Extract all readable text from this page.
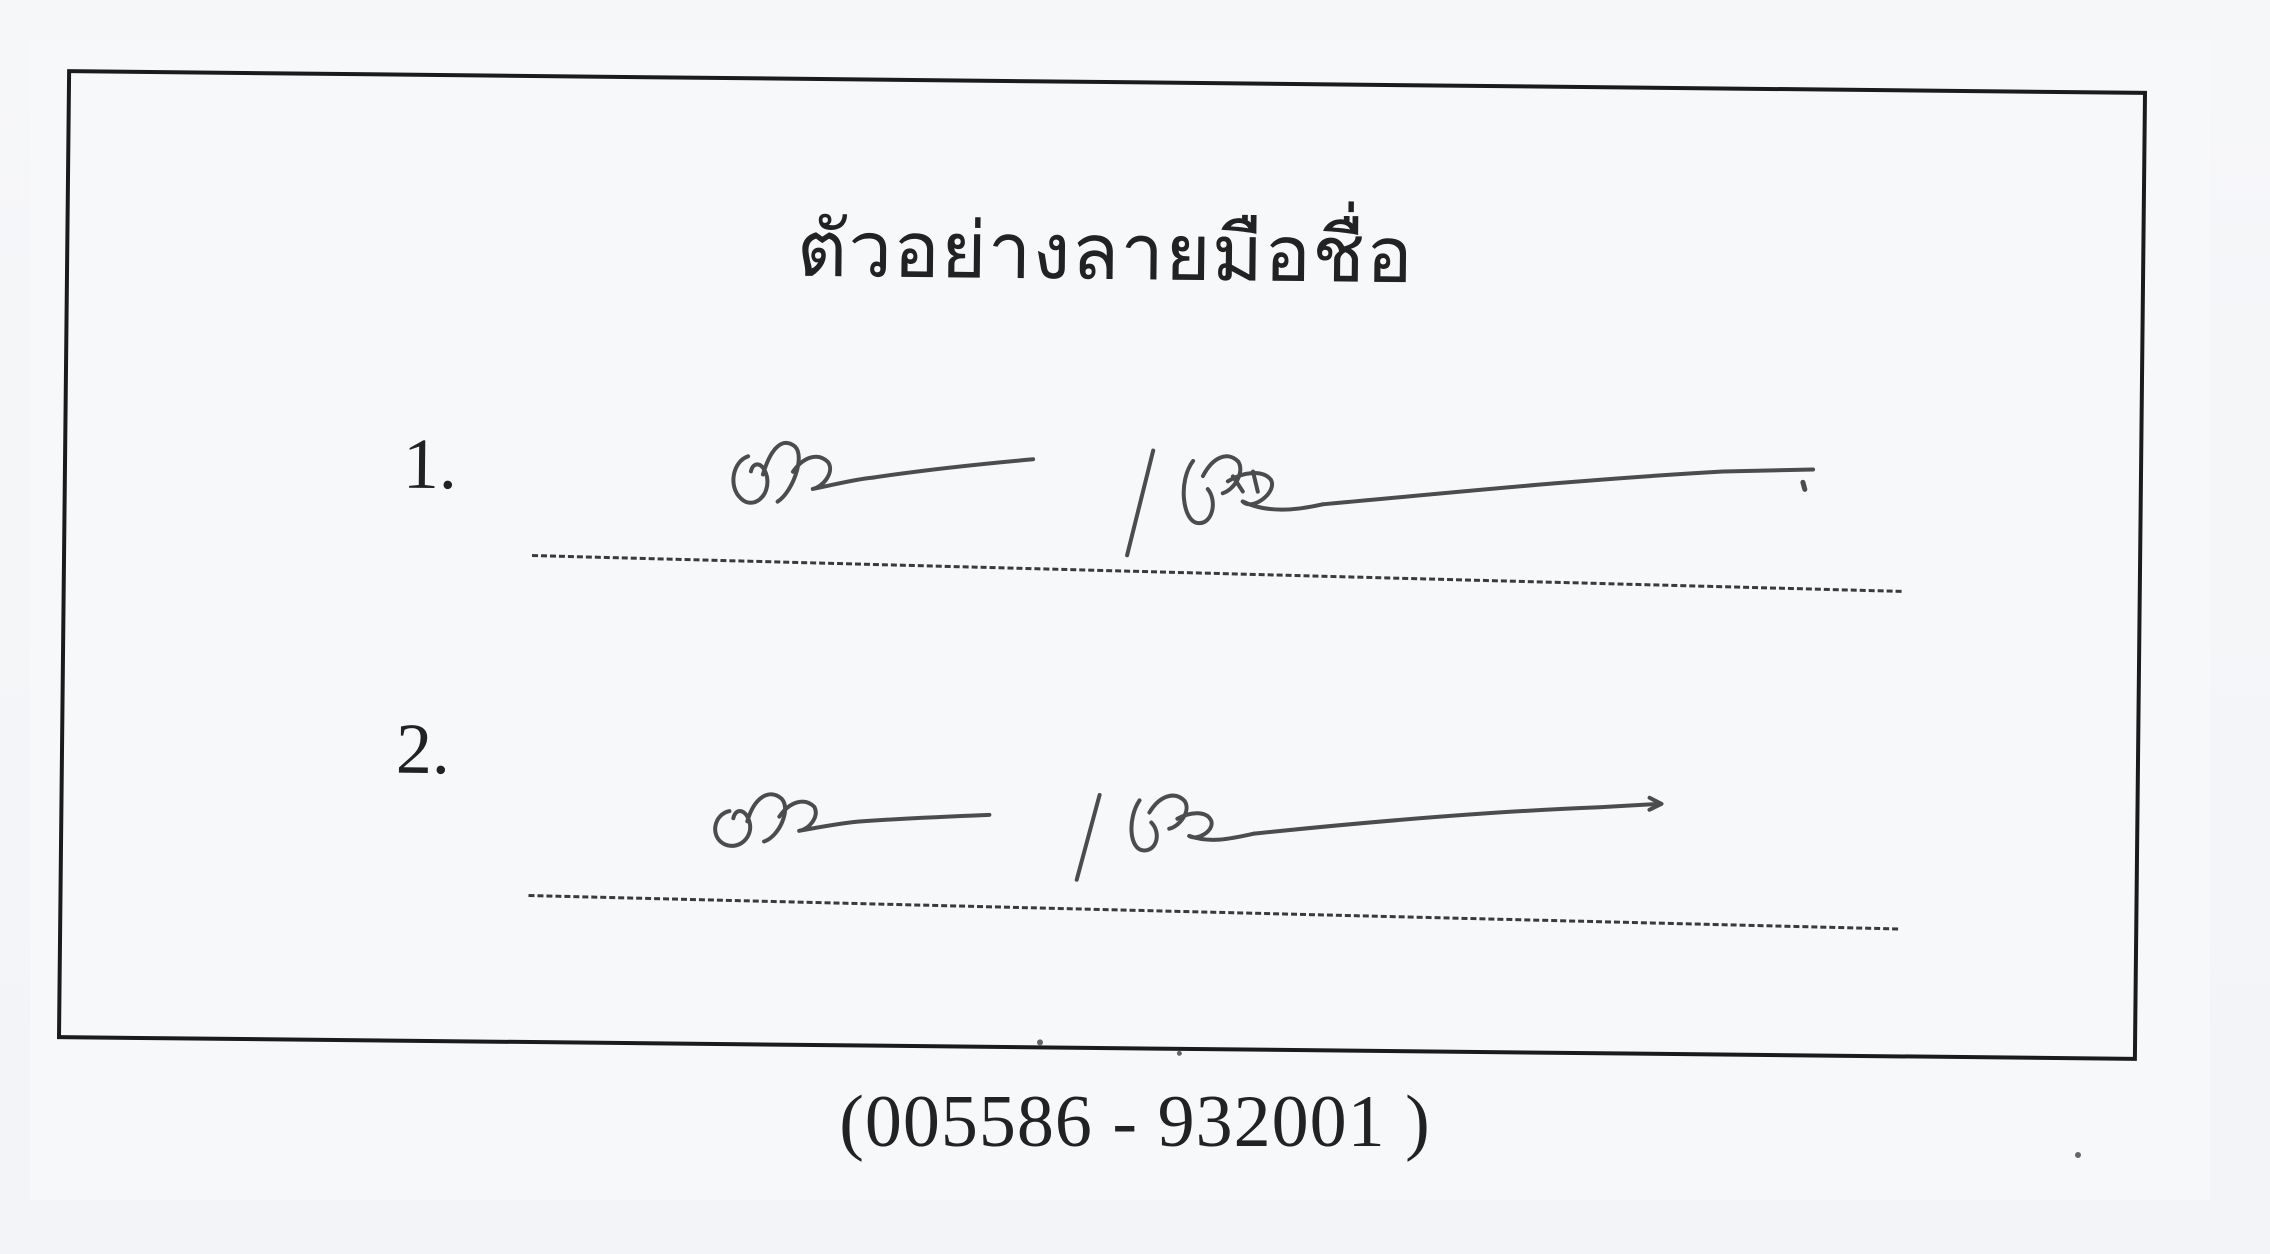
ตัวอย่างลายมือชื่อ
1.
2.
(005586 - 932001 )
